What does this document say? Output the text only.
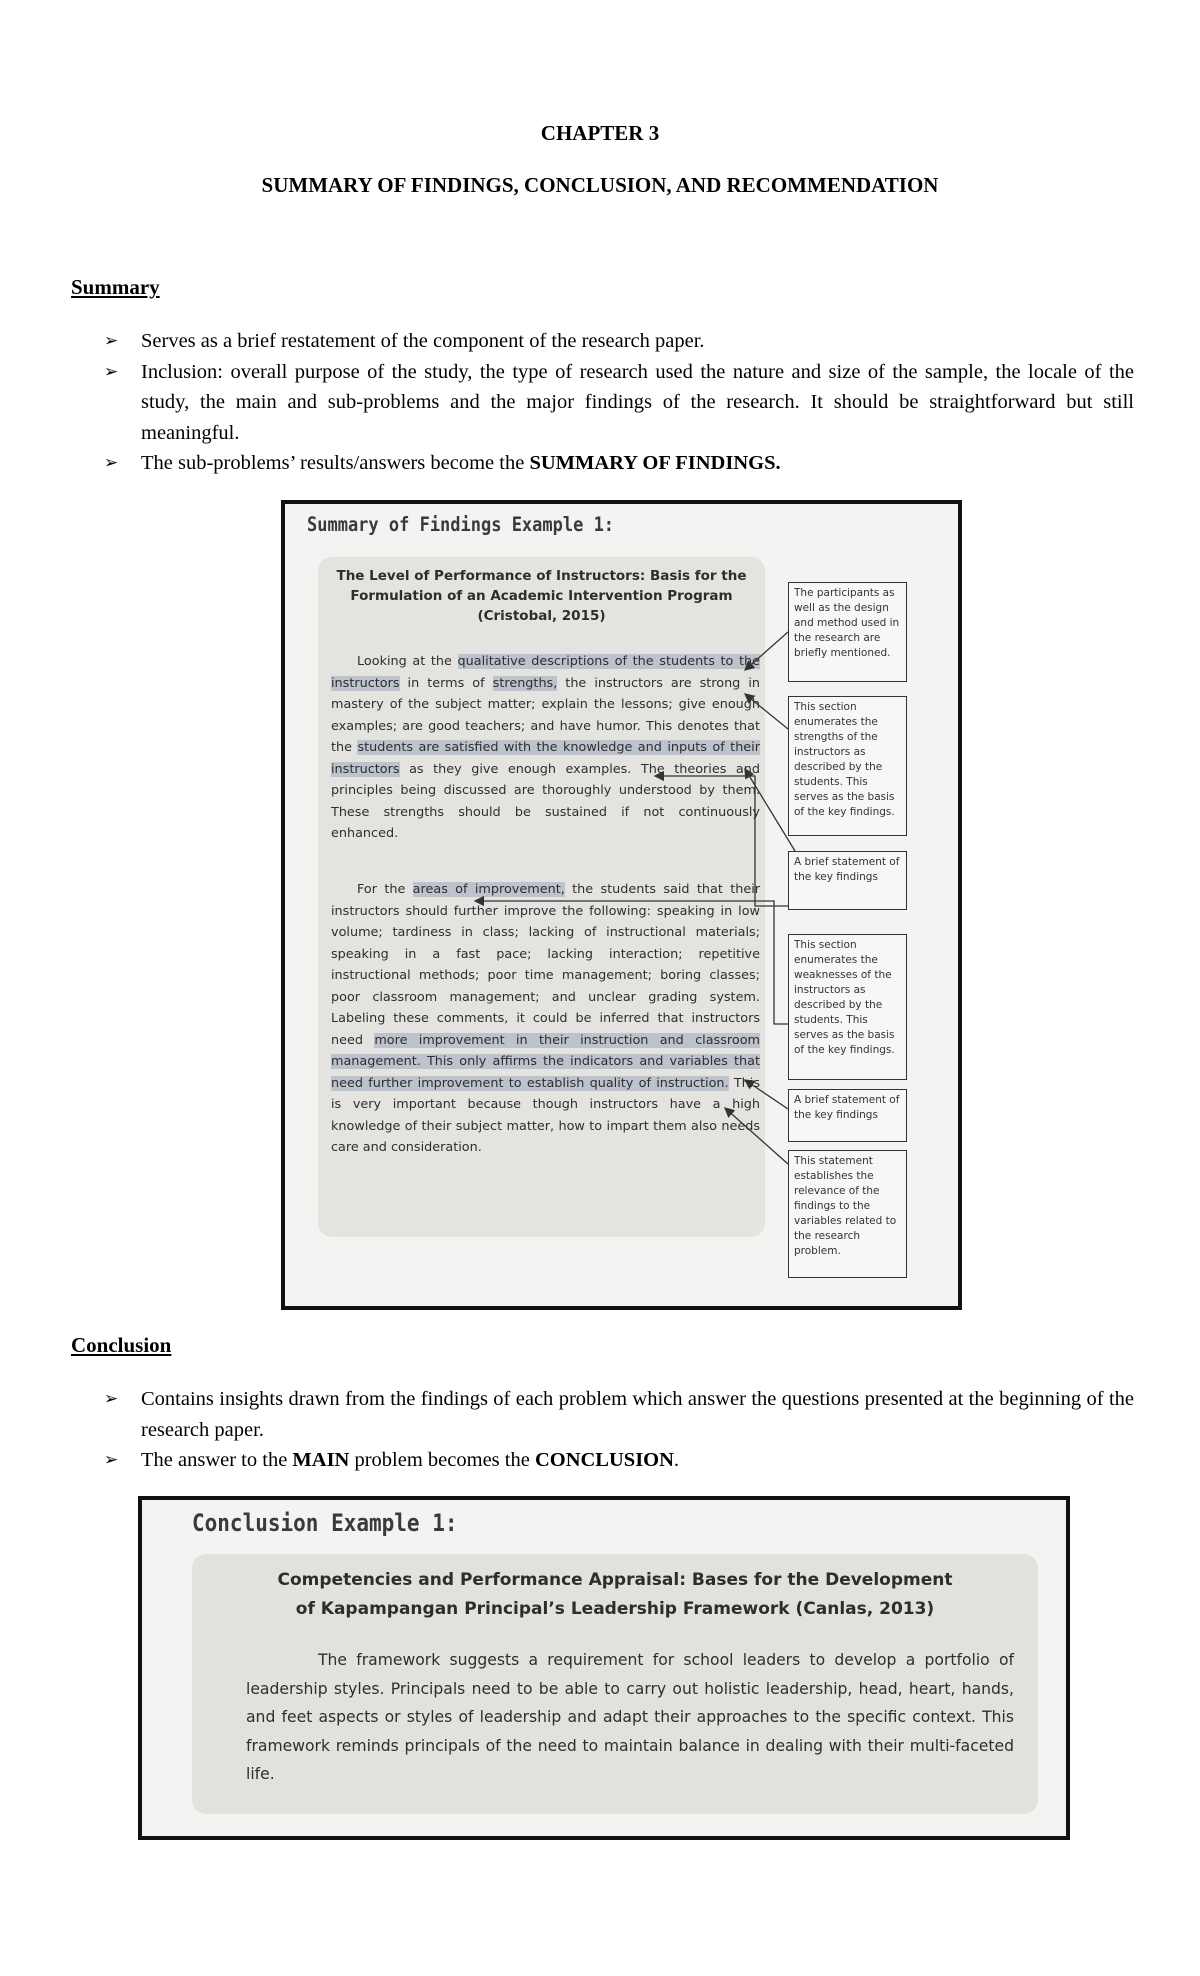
CHAPTER 3
SUMMARY OF FINDINGS, CONCLUSION, AND RECOMMENDATION
Summary
➢ Serves as a brief restatement of the component of the research paper.
➢ Inclusion: overall purpose of the study, the type of research used the nature and size of the sample, the locale of the study, the main and sub-problems and the major findings of the research. It should be straightforward but still meaningful.
➢ The sub-problems’ results/answers become the SUMMARY OF FINDINGS.
Summary of Findings Example 1:
The Level of Performance of Instructors: Basis for the
Formulation of an Academic Intervention Program
(Cristobal, 2015)
Looking at the qualitative descriptions of the students to the instructors in terms of strengths, the instructors are strong in mastery of the subject matter; explain the lessons; give enough examples; are good teachers; and have humor. This denotes that the students are satisfied with the knowledge and inputs of their instructors as they give enough examples. The theories and principles being discussed are thoroughly understood by them. These strengths should be sustained if not continuously enhanced.
For the areas of improvement, the students said that their instructors should further improve the following: speaking in low volume; tardiness in class; lacking of instructional materials; speaking in a fast pace; lacking interaction; repetitive instructional methods; poor time management; boring classes; poor classroom management; and unclear grading system. Labeling these comments, it could be inferred that instructors need more improvement in their instruction and classroom management. This only affirms the indicators and variables that need further improvement to establish quality of instruction. This is very important because though instructors have a high knowledge of their subject matter, how to impart them also needs care and consideration.
The participants as well as the design and method used in the research are briefly mentioned.
This section enumerates the strengths of the instructors as described by the students. This serves as the basis of the key findings.
A brief statement of the key findings
This section enumerates the weaknesses of the instructors as described by the students. This serves as the basis of the key findings.
A brief statement of the key findings
This statement establishes the relevance of the findings to the variables related to the research problem.
Conclusion
➢ Contains insights drawn from the findings of each problem which answer the questions presented at the beginning of the research paper.
➢ The answer to the MAIN problem becomes the CONCLUSION.
Conclusion Example 1:
Competencies and Performance Appraisal: Bases for the Development
of Kapampangan Principal’s Leadership Framework (Canlas, 2013)
The framework suggests a requirement for school leaders to develop a portfolio of leadership styles. Principals need to be able to carry out holistic leadership, head, heart, hands, and feet aspects or styles of leadership and adapt their approaches to the specific context. This framework reminds principals of the need to maintain balance in dealing with their multi-faceted life.
